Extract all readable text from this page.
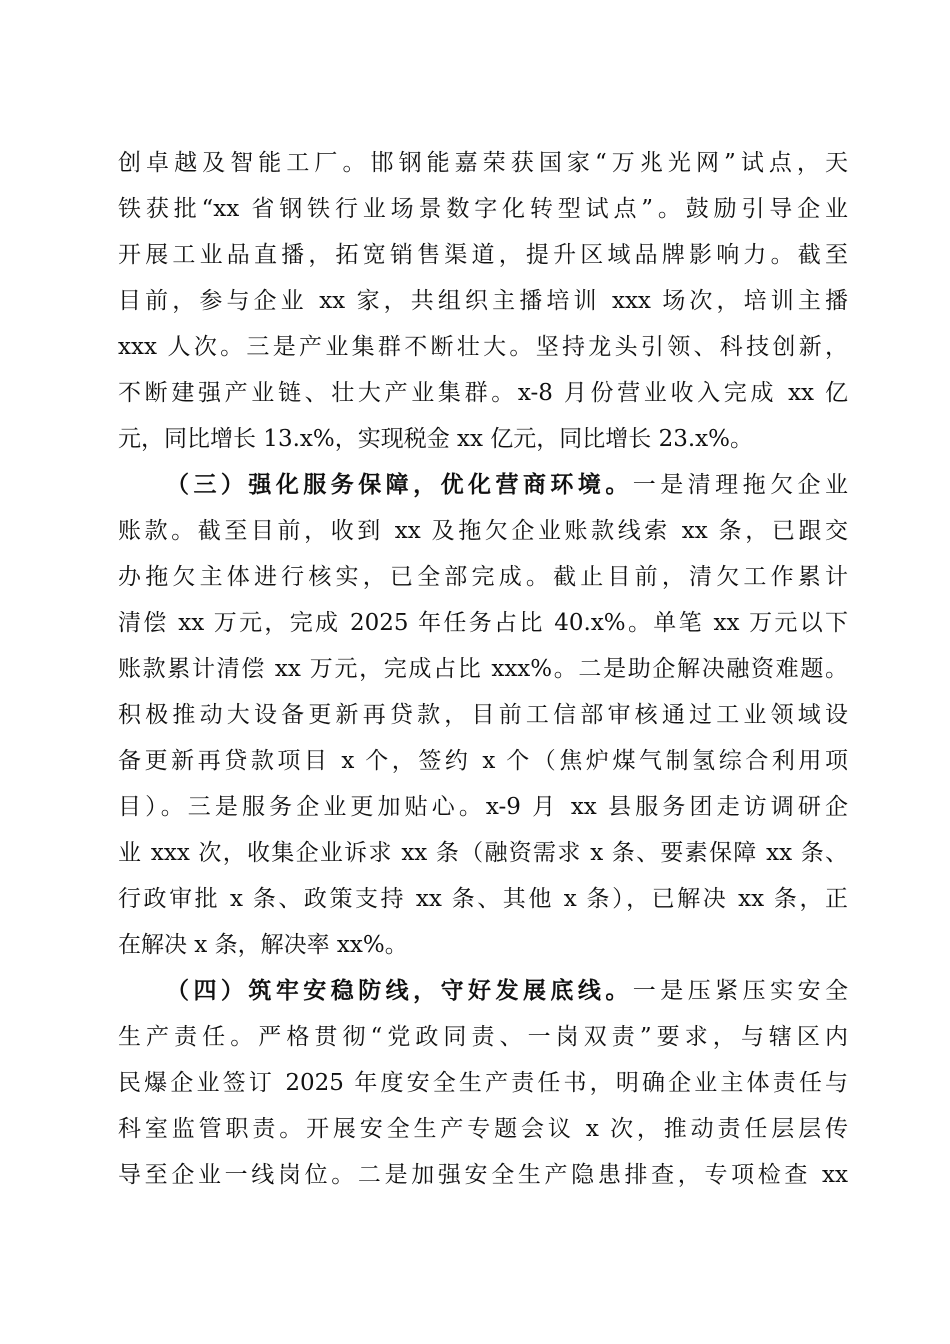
创卓越及智能工厂。邯钢能嘉荣获国家“万兆光网”试点，天
铁获批“xx 省钢铁行业场景数字化转型试点”。鼓励引导企业
开展工业品直播，拓宽销售渠道，提升区域品牌影响力。截至
目前，参与企业 xx 家，共组织主播培训 xxx 场次，培训主播
xxx 人次。三是产业集群不断壮大。坚持龙头引领、科技创新，
不断建强产业链、壮大产业集群。x-8 月份营业收入完成 xx 亿
元，同比增长 13.x%，实现税金 xx 亿元，同比增长 23.x%。
（三）强化服务保障，优化营商环境。一是清理拖欠企业
账款。截至目前，收到 xx 及拖欠企业账款线索 xx 条，已跟交
办拖欠主体进行核实，已全部完成。截止目前，清欠工作累计
清偿 xx 万元，完成 2025 年任务占比 40.x%。单笔 xx 万元以下
账款累计清偿 xx 万元，完成占比 xxx%。二是助企解决融资难题。
积极推动大设备更新再贷款，目前工信部审核通过工业领域设
备更新再贷款项目 x 个，签约 x 个（焦炉煤气制氢综合利用项
目）。三是服务企业更加贴心。x-9 月 xx 县服务团走访调研企
业 xxx 次，收集企业诉求 xx 条（融资需求 x 条、要素保障 xx 条、
行政审批 x 条、政策支持 xx 条、其他 x 条），已解决 xx 条，正
在解决 x 条，解决率 xx%。
（四）筑牢安稳防线，守好发展底线。一是压紧压实安全
生产责任。严格贯彻“党政同责、一岗双责”要求，与辖区内
民爆企业签订 2025 年度安全生产责任书，明确企业主体责任与
科室监管职责。开展安全生产专题会议 x 次，推动责任层层传
导至企业一线岗位。二是加强安全生产隐患排查，专项检查 xx
